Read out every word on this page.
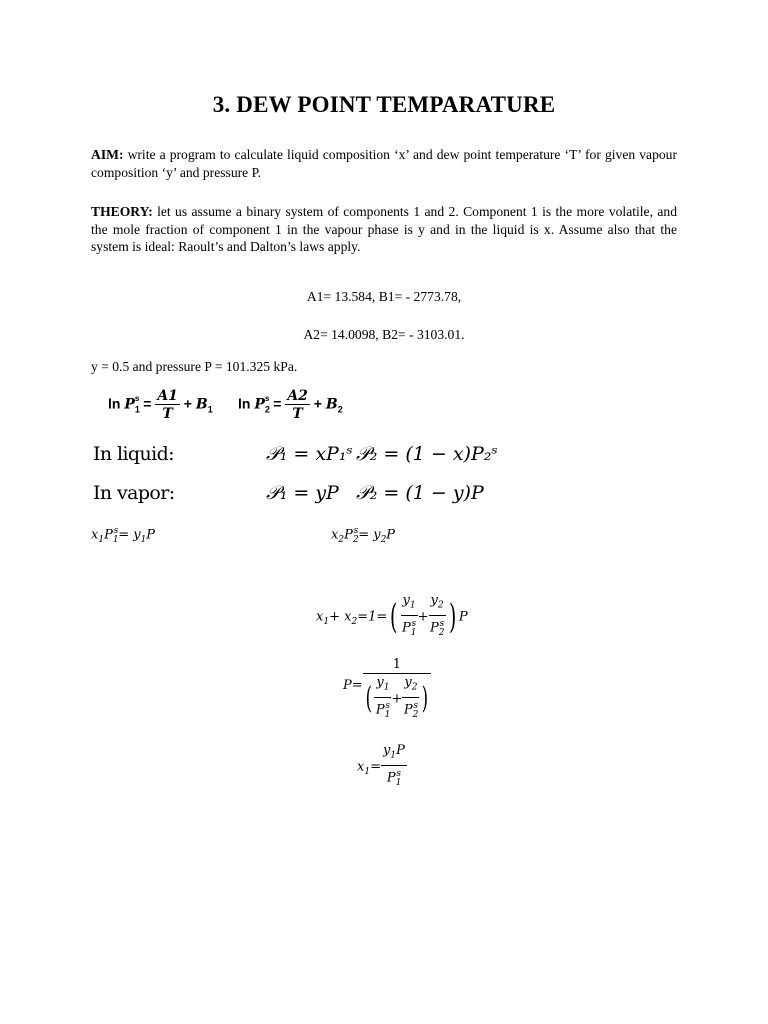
3. DEW POINT TEMPARATURE
AIM: write a program to calculate liquid composition ‘x’ and dew point temperature ‘T’ for given vapour composition ‘y’ and pressure P.
THEORY: let us assume a binary system of components 1 and 2. Component 1 is the more volatile, and the mole fraction of component 1 in the vapour phase is y and in the liquid is x. Assume also that the system is ideal: Raoult’s and Dalton’s laws apply.
A1= 13.584, B1= - 2773.78,
A2= 14.0098, B2= - 3103.01.
y = 0.5 and pressure P = 101.325 kPa.
$\ln P_1^s = \frac{A1}{T} + B_1$ $\ln P_2^s = \frac{A2}{T} + B_2$
In liquid:	𝒫₁ = xP₁ˢ 𝒫₂ = (1 − x)P₂ˢ
In vapor:	𝒫₁ = yP 𝒫₂ = (1 − y)P
$x_1P_1^s= y_1P$	$x_2P_2^s= y_2P$
$x_1+ x_2=1=( \frac{y_1}{P_1^s} + \frac{y_2}{P_2^s}$ ) P
$P= \frac{1}{( \frac{y_1}{P_1^s} + \frac{y_2}{P_2^s} )}$
$x_1= \frac{y_1P}{P_1^s}$
